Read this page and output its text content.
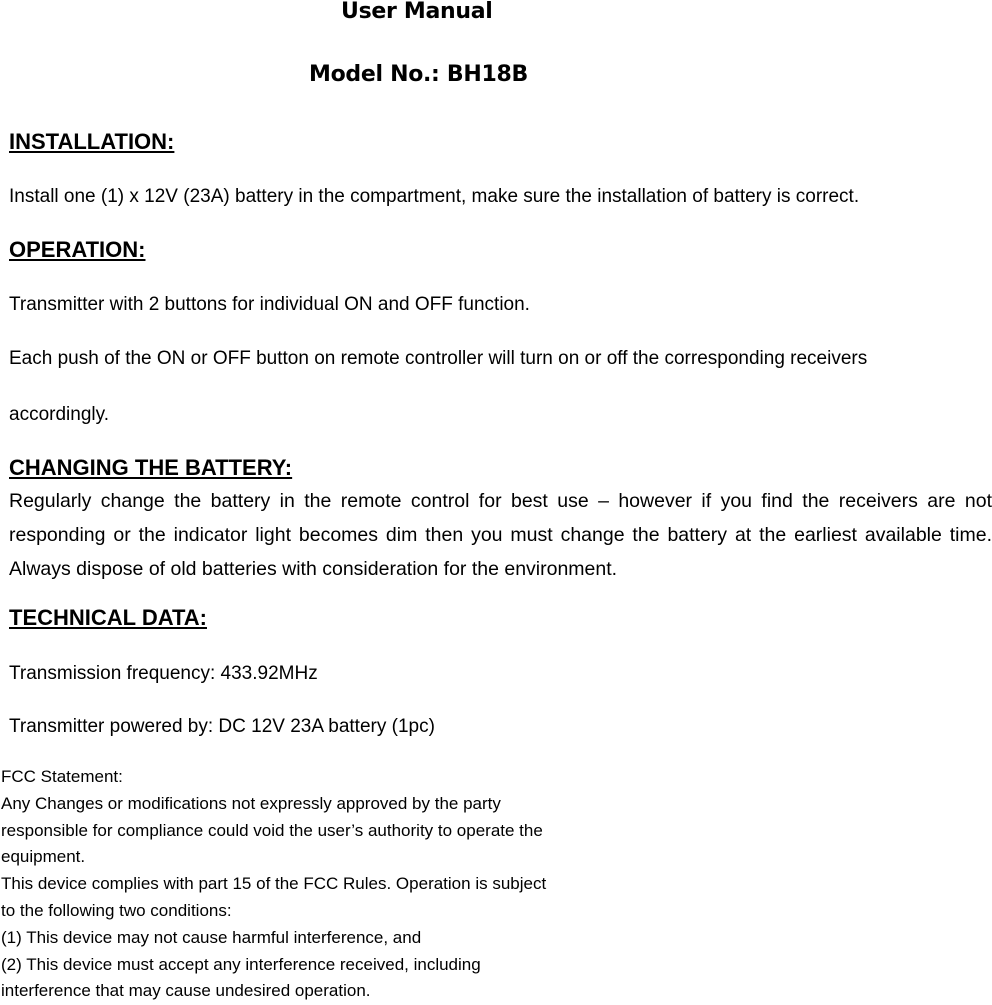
User Manual
Model No.: BH18B
INSTALLATION:
Install one (1) x 12V (23A) battery in the compartment, make sure the installation of battery is correct.
OPERATION:
Transmitter with 2 buttons for individual ON and OFF function.
Each push of the ON or OFF button on remote controller will turn on or off the corresponding receivers
accordingly.
CHANGING THE BATTERY:
Regularly change the battery in the remote control for best use – however if you find the receivers are not responding or the indicator light becomes dim then you must change the battery at the earliest available time. Always dispose of old batteries with consideration for the environment.
TECHNICAL DATA:
Transmission frequency: 433.92MHz
Transmitter powered by: DC 12V 23A battery (1pc)
FCC Statement:
Any Changes or modifications not expressly approved by the party
responsible for compliance could void the user’s authority to operate the
equipment.
This device complies with part 15 of the FCC Rules. Operation is subject
to the following two conditions:
(1) This device may not cause harmful interference, and
(2) This device must accept any interference received, including
interference that may cause undesired operation.
